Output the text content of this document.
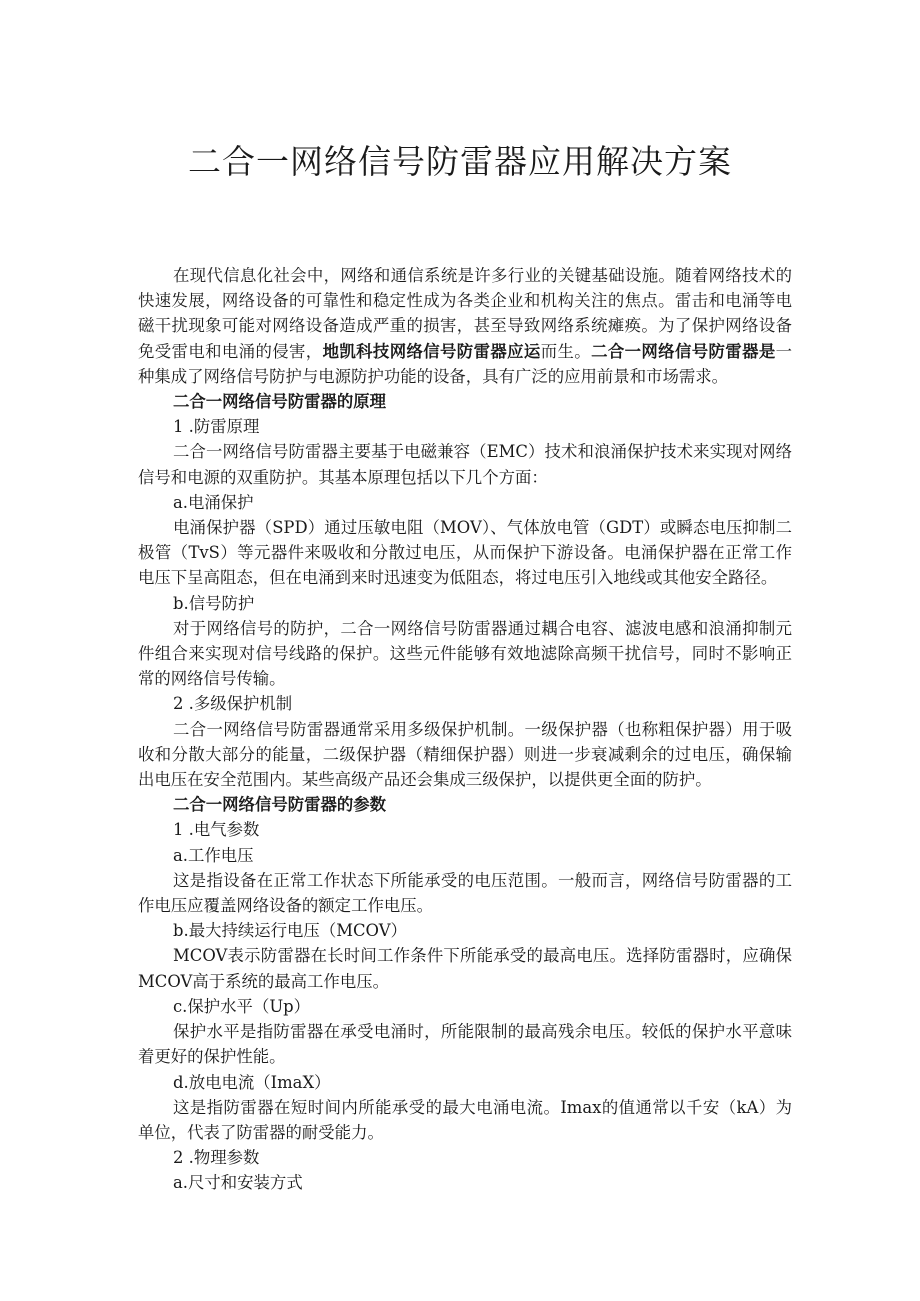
二合一网络信号防雷器应用解决方案

在现代信息化社会中，网络和通信系统是许多行业的关键基础设施。随着网络技术的快速发展，网络设备的可靠性和稳定性成为各类企业和机构关注的焦点。雷击和电涌等电磁干扰现象可能对网络设备造成严重的损害，甚至导致网络系统瘫痪。为了保护网络设备免受雷电和电涌的侵害，地凯科技网络信号防雷器应运而生。二合一网络信号防雷器是一种集成了网络信号防护与电源防护功能的设备，具有广泛的应用前景和市场需求。

二合一网络信号防雷器的原理

1 .防雷原理

二合一网络信号防雷器主要基于电磁兼容（EMC）技术和浪涌保护技术来实现对网络信号和电源的双重防护。其基本原理包括以下几个方面：

a.电涌保护

电涌保护器（SPD）通过压敏电阻（MOV）、气体放电管（GDT）或瞬态电压抑制二极管（TvS）等元器件来吸收和分散过电压，从而保护下游设备。电涌保护器在正常工作电压下呈高阻态，但在电涌到来时迅速变为低阻态，将过电压引入地线或其他安全路径。

b.信号防护

对于网络信号的防护，二合一网络信号防雷器通过耦合电容、滤波电感和浪涌抑制元件组合来实现对信号线路的保护。这些元件能够有效地滤除高频干扰信号，同时不影响正常的网络信号传输。

2 .多级保护机制

二合一网络信号防雷器通常采用多级保护机制。一级保护器（也称粗保护器）用于吸收和分散大部分的能量，二级保护器（精细保护器）则进一步衰减剩余的过电压，确保输出电压在安全范围内。某些高级产品还会集成三级保护，以提供更全面的防护。

二合一网络信号防雷器的参数

1 .电气参数

a.工作电压

这是指设备在正常工作状态下所能承受的电压范围。一般而言，网络信号防雷器的工作电压应覆盖网络设备的额定工作电压。

b.最大持续运行电压（MCOV）

MCOV表示防雷器在长时间工作条件下所能承受的最高电压。选择防雷器时，应确保MCOV高于系统的最高工作电压。

c.保护水平（Up）

保护水平是指防雷器在承受电涌时，所能限制的最高残余电压。较低的保护水平意味着更好的保护性能。

d.放电电流（ImaX）

这是指防雷器在短时间内所能承受的最大电涌电流。Imax的值通常以千安（kA）为单位，代表了防雷器的耐受能力。

2 .物理参数

a.尺寸和安装方式
